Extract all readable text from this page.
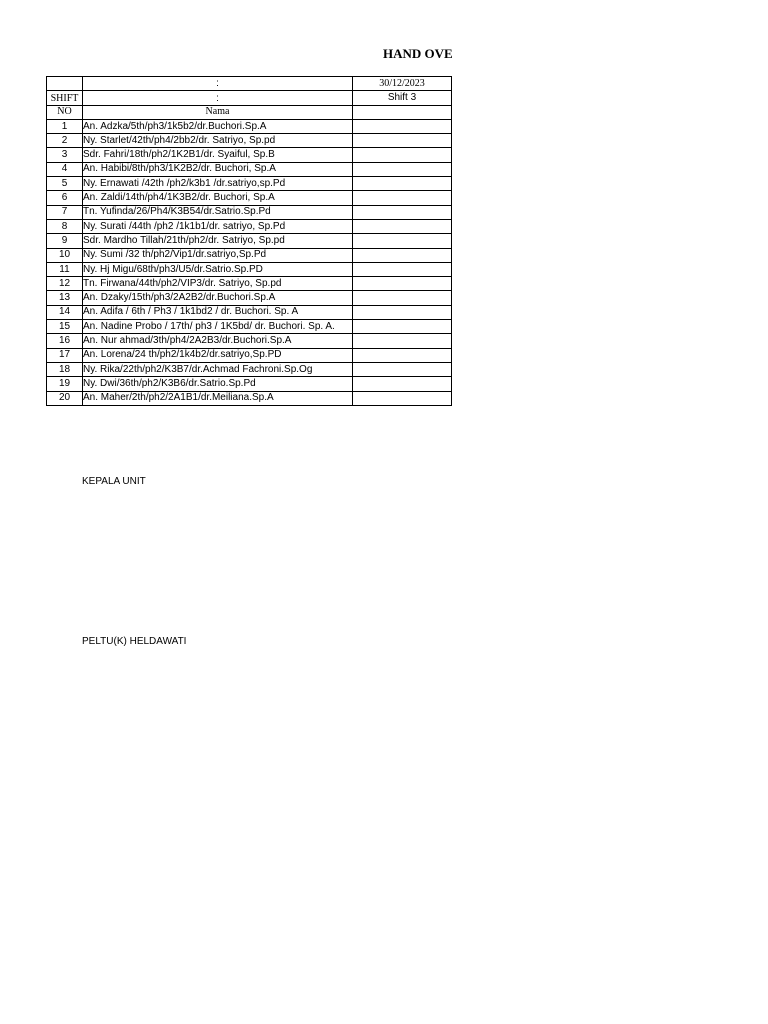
HAND OVE
	:	30/12/2023
SHIFT	:	Shift 3
NO	Nama	
1	An. Adzka/5th/ph3/1k5b2/dr.Buchori.Sp.A	
2	Ny. Starlet/42th/ph4/2bb2/dr. Satriyo, Sp.pd	
3	Sdr. Fahri/18th/ph2/1K2B1/dr. Syaiful, Sp.B	
4	An. Habibi/8th/ph3/1K2B2/dr. Buchori, Sp.A	
5	Ny. Ernawati /42th /ph2/k3b1 /dr.satriyo,sp.Pd	
6	An. Zaldi/14th/ph4/1K3B2/dr. Buchori, Sp.A	
7	Tn. Yufinda/26/Ph4/K3B54/dr.Satrio.Sp.Pd	
8	Ny. Surati /44th /ph2 /1k1b1/dr. satriyo, Sp.Pd	
9	Sdr. Mardho Tillah/21th/ph2/dr. Satriyo, Sp.pd	
10	Ny. Sumi /32 th/ph2/Vip1/dr.satriyo,Sp.Pd	
11	Ny. Hj Migu/68th/ph3/U5/dr.Satrio.Sp.PD	
12	Tn. Firwana/44th/ph2/VIP3/dr. Satriyo, Sp.pd	
13	An. Dzaky/15th/ph3/2A2B2/dr.Buchori.Sp.A	
14	An. Adifa / 6th / Ph3 / 1k1bd2 / dr. Buchori. Sp. A	
15	An. Nadine Probo / 17th/ ph3 / 1K5bd/ dr. Buchori. Sp. A.	
16	An. Nur ahmad/3th/ph4/2A2B3/dr.Buchori.Sp.A	
17	An. Lorena/24 th/ph2/1k4b2/dr.satriyo,Sp.PD	
18	Ny. Rika/22th/ph2/K3B7/dr.Achmad Fachroni.Sp.Og	
19	Ny. Dwi/36th/ph2/K3B6/dr.Satrio.Sp.Pd	
20	An. Maher/2th/ph2/2A1B1/dr.Meiliana.Sp.A	
KEPALA UNIT
PELTU(K) HELDAWATI
